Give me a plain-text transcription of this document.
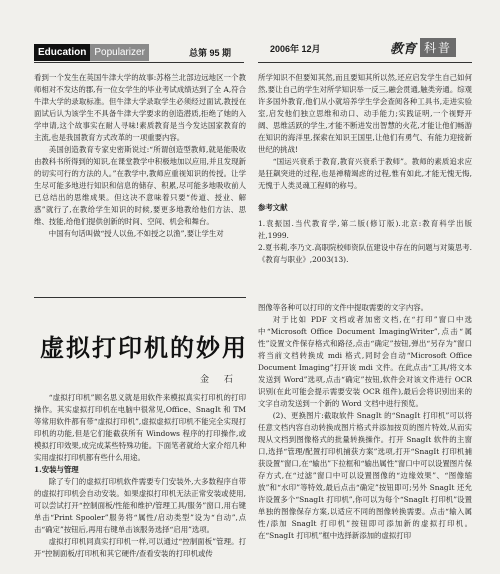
Education Popularizer	总第 95 期	2006年 12月	教育 科普

看到一个发生在英国牛津大学的故事:苏格兰北部边远地区一个教师相对不发达的郡,有一位女学生的毕业考试成绩达到了全 A,符合牛津大学的录取标准。但牛津大学录取学生必须经过面试,教授在面试后认为该学生不具备牛津大学要求的创造潜质,拒绝了她的入学申请,这个故事实在耐人寻味!素质教育是当今发达国家教育的主流,也是我国教育方式改革的一项重要内容。

美国创造教育专家史密斯说过:“所谓创造型教师,就是能吸收由教科书所得到的知识,在课堂教学中积极地加以应用,并且发现新的切实可行的方法的人。”在教学中,教师应重视知识的传授。让学生尽可能多地进行知识和信息的储存、积累,尽可能多地吸收前人已总结出的思维成果。但这决不意味着只要“传道、授业、解惑”就行了,在教给学生知识的时候,要更多地教给他们方法、思维、技能,给他们提供创新的时间、空间、机会和舞台。

中国有句话叫做“授人以鱼,不如授之以渔”,要让学生对

所学知识不但要知其然,而且要知其所以然,还应启发学生自己如何然,要让自己的学生对所学知识举一反三,融会贯通,触类旁通。综观许多国外教育,他们从小就培养学生学会查阅各种工具书,走进实验室,启发他们独立思维和动口、动手能力;实践证明,一个视野开阔、思维活跃的学生,才能不断进发出智慧的火花,才能让他们畅游在知识的海洋里,探索在知识王国里,让他们有勇气、有能力迎接新世纪的挑战!

“国运兴衰系于教育,教育兴衰系于教师”。教师的素质追求应是狂飙突进的过程,也是禅精竭虑的过程,惟有如此,才能无愧无悔,无愧于人类灵魂工程师的称号。

参考文献

1.袁振国.当代教育学,第二版(修订版).北京:教育科学出版社,1999.

2.夏书莉,李乃文.高职院校师资队伍建设中存在的问题与对策思考.《教育与职业》,2003(13).

虚拟打印机的妙用
金 石

“虚拟打印机”顾名思义就是用软件来模拟真实打印机的打印操作。其实虚拟打印机在电脑中很常见,Office、SnagIt 和 TM 等常用软件都有带“虚拟打印机”,虚拟虚拟打印机不能完全实现打印机的功能,但是它们能截获所有 Windows 程序的打印操作,或模拟打印效果,成完成某些特殊功能。下面笔者就给大家介绍几种实用虚拟打印机都有些什么用途。

1.安装与管理

除了专门的虚拟打印机软件需要专门安装外,大多数程序自带的虚拟打印机会自动安装。如果虚拟打印机无法正常安装或使用,可以尝试打开“控制面板/性能和维护/管理工具/服务”窗口,用右键单击“Print Spooler”服务将“属性/启动类型”设为“自动”,点击“确定”按钮后,再用右键单击该服务选择“启用”选项。

虚拟打印机同真实打印机一样,可以通过“控制面板”管理。打开“控制面板/打印机和其它硬件/查看安装的打印机或传

图像等各种可以打印的文件中提取需要的文字内容。

对于比如 PDF 文档或者加密文档,在“打印”窗口中选中“Microsoft Office Document ImagingWriter”,点击“属性”设置文件保存格式和路径,点击“确定”按钮,弹出“另存为”窗口将当前文档转换成 mdi 格式,同时会自动“Microsoft Office Document Imaging”打开该 mdi 文件。在此点击“工具/将文本发送到 Word”选项,点击“确定”按钮,软件会对该文件进行 OCR 识别(在此可能会提示需要安装 OCR 组件),最后会将识别出来的文字自动发送到一个新的 Word 文档中进行预览。

(2)、更换图片:截取软件 SnagIt 的“SnagIt 打印机”可以将任意文档内容自动转换成图片格式并添加按页的图片特效,从而实现从文档到图像格式的批量转换操作。打开 SnagIt 软件的主窗口,选择“管理/配置打印机捕获方案”选项,打开“SnagIt 打印机捕获设置”窗口,在“输出”下拉框和“输出属性”窗口中可以设置图片保存方式,在“过滤”窗口中可以设置图像的“边缘效果”、“图像缩放”和“水印”等特效,最后点击“确定”按钮即可;另外 SnagIt 还允许设置多个“SnagIt 打印机”,你可以为每个“SnagIt 打印机”设置单独的图像保存方案,以适应不同的图像转换需要。点击“输入属性/添加 SnagIt 打印机”按钮即可添加新的虚拟打印机。在“SnagIt 打印机”框中选择新添加的虚拟打印
